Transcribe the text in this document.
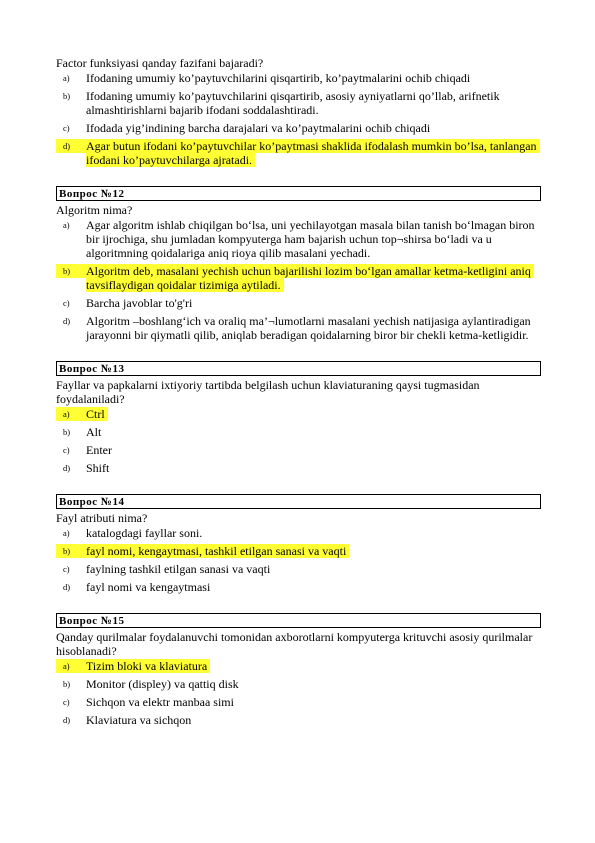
Factor funksiyasi qanday fazifani bajaradi?
a)	Ifodaning umumiy ko’paytuvchilarini qisqartirib, ko’paytmalarini ochib chiqadi
b)	Ifodaning umumiy ko’paytuvchilarini qisqartirib, asosiy ayniyatlarni qo’llab, arifnetik almashtirishlarni bajarib ifodani soddalashtiradi.
c)	Ifodada yig’indining barcha darajalari va ko’paytmalarini ochib chiqadi
d)	Agar butun ifodani ko’paytuvchilar ko’paytmasi shaklida ifodalash mumkin bo’lsa, tanlangan ifodani ko’paytuvchilarga ajratadi.
Вопрос №12
Algoritm nima?
a)	Agar algoritm ishlab chiqilgan bo‘lsa, uni yechilayotgan masala bilan tanish bo‘lmagan biron bir ijrochiga, shu jumladan kompyuterga ham bajarish uchun top¬shirsa bo‘ladi va u algoritmning qoidalariga aniq rioya qilib masalani yechadi.
b)	Algoritm deb, masalani yechish uchun bajarilishi lozim bo‘lgan amallar ketma-ketligini aniq tavsiflaydigan qoidalar tizimiga aytiladi.
c)	Barcha javoblar to'g'ri
d)	Algoritm –boshlang‘ich va oraliq ma’¬lumotlarni masalani yechish natijasiga aylantiradigan jarayonni bir qiymatli qilib, aniqlab beradigan qoidalarning biror bir chekli ketma-ketligidir.
Вопрос №13
Fayllar va papkalarni ixtiyoriy tartibda belgilash uchun klaviaturaning qaysi tugmasidan foydalaniladi?
a)	Ctrl
b)	Alt
c)	Enter
d)	Shift
Вопрос №14
Fayl atributi nima?
a)	katalogdagi fayllar soni.
b)	fayl nomi, kengaytmasi, tashkil etilgan sanasi va vaqti
c)	faylning tashkil etilgan sanasi va vaqti
d)	fayl nomi va kengaytmasi
Вопрос №15
Qanday qurilmalar foydalanuvchi tomonidan axborotlarni kompyuterga krituvchi asosiy qurilmalar hisoblanadi?
a)	Tizim bloki va klaviatura
b)	Monitor (displey) va qattiq disk
c)	Sichqon va elektr manbaa simi
d)	Klaviatura va sichqon
